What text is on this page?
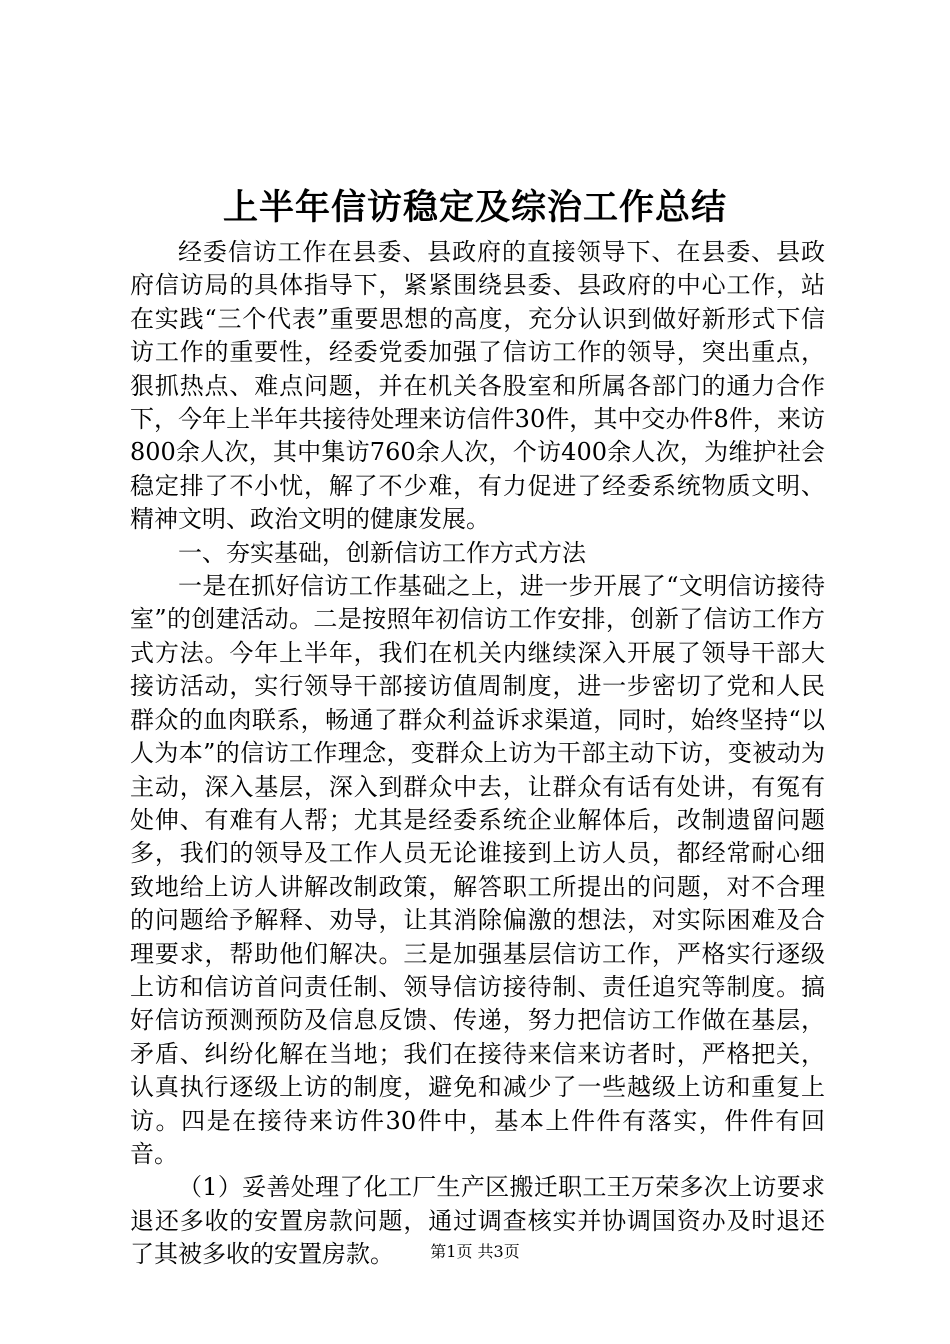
上半年信访稳定及综治工作总结

经委信访工作在县委、县政府的直接领导下、在县委、县政府信访局的具体指导下，紧紧围绕县委、县政府的中心工作，站在实践“三个代表”重要思想的高度，充分认识到做好新形式下信访工作的重要性，经委党委加强了信访工作的领导，突出重点，狠抓热点、难点问题，并在机关各股室和所属各部门的通力合作下，今年上半年共接待处理来访信件30件，其中交办件8件，来访800余人次，其中集访760余人次，个访400余人次，为维护社会稳定排了不小忧，解了不少难，有力促进了经委系统物质文明、精神文明、政治文明的健康发展。

一、夯实基础，创新信访工作方式方法

一是在抓好信访工作基础之上，进一步开展了“文明信访接待室”的创建活动。二是按照年初信访工作安排，创新了信访工作方式方法。今年上半年，我们在机关内继续深入开展了领导干部大接访活动，实行领导干部接访值周制度，进一步密切了党和人民群众的血肉联系，畅通了群众利益诉求渠道，同时，始终坚持“以人为本”的信访工作理念，变群众上访为干部主动下访，变被动为主动，深入基层，深入到群众中去，让群众有话有处讲，有冤有处伸、有难有人帮；尤其是经委系统企业解体后，改制遗留问题多，我们的领导及工作人员无论谁接到上访人员，都经常耐心细致地给上访人讲解改制政策，解答职工所提出的问题，对不合理的问题给予解释、劝导，让其消除偏激的想法，对实际困难及合理要求，帮助他们解决。三是加强基层信访工作，严格实行逐级上访和信访首问责任制、领导信访接待制、责任追究等制度。搞好信访预测预防及信息反馈、传递，努力把信访工作做在基层，矛盾、纠纷化解在当地；我们在接待来信来访者时，严格把关，认真执行逐级上访的制度，避免和减少了一些越级上访和重复上访。四是在接待来访件30件中，基本上件件有落实，件件有回音。

（1）妥善处理了化工厂生产区搬迁职工王万荣多次上访要求退还多收的安置房款问题，通过调查核实并协调国资办及时退还了其被多收的安置房款。	第1页 共3页
